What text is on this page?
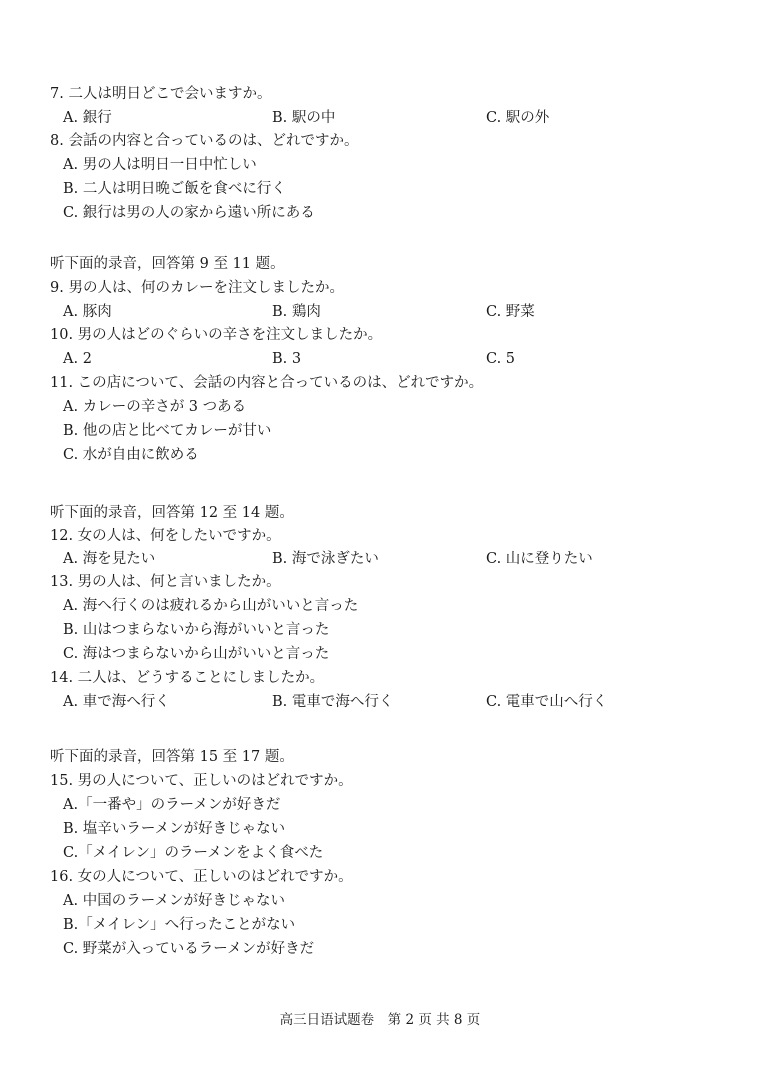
7. 二人は明日どこで会いますか。
A. 銀行	B. 駅の中	C. 駅の外
8. 会話の内容と合っているのは、どれですか。
A. 男の人は明日一日中忙しい
B. 二人は明日晩ご飯を食べに行く
C. 銀行は男の人の家から遠い所にある
听下面的录音，回答第 9 至 11 题。
9. 男の人は、何のカレーを注文しましたか。
A. 豚肉	B. 鶏肉	C. 野菜
10. 男の人はどのぐらいの辛さを注文しましたか。
A. 2	B. 3	C. 5
11. この店について、会話の内容と合っているのは、どれですか。
A. カレーの辛さが 3 つある
B. 他の店と比べてカレーが甘い
C. 水が自由に飲める
听下面的录音，回答第 12 至 14 题。
12. 女の人は、何をしたいですか。
A. 海を見たい	B. 海で泳ぎたい	C. 山に登りたい
13. 男の人は、何と言いましたか。
A. 海へ行くのは疲れるから山がいいと言った
B. 山はつまらないから海がいいと言った
C. 海はつまらないから山がいいと言った
14. 二人は、どうすることにしましたか。
A. 車で海へ行く	B. 電車で海へ行く	C. 電車で山へ行く
听下面的录音，回答第 15 至 17 题。
15. 男の人について、正しいのはどれですか。
A.「一番や」のラーメンが好きだ
B. 塩辛いラーメンが好きじゃない
C.「メイレン」のラーメンをよく食べた
16. 女の人について、正しいのはどれですか。
A. 中国のラーメンが好きじゃない
B.「メイレン」へ行ったことがない
C. 野菜が入っているラーメンが好きだ
高三日语试题卷　第 2 页 共 8 页
